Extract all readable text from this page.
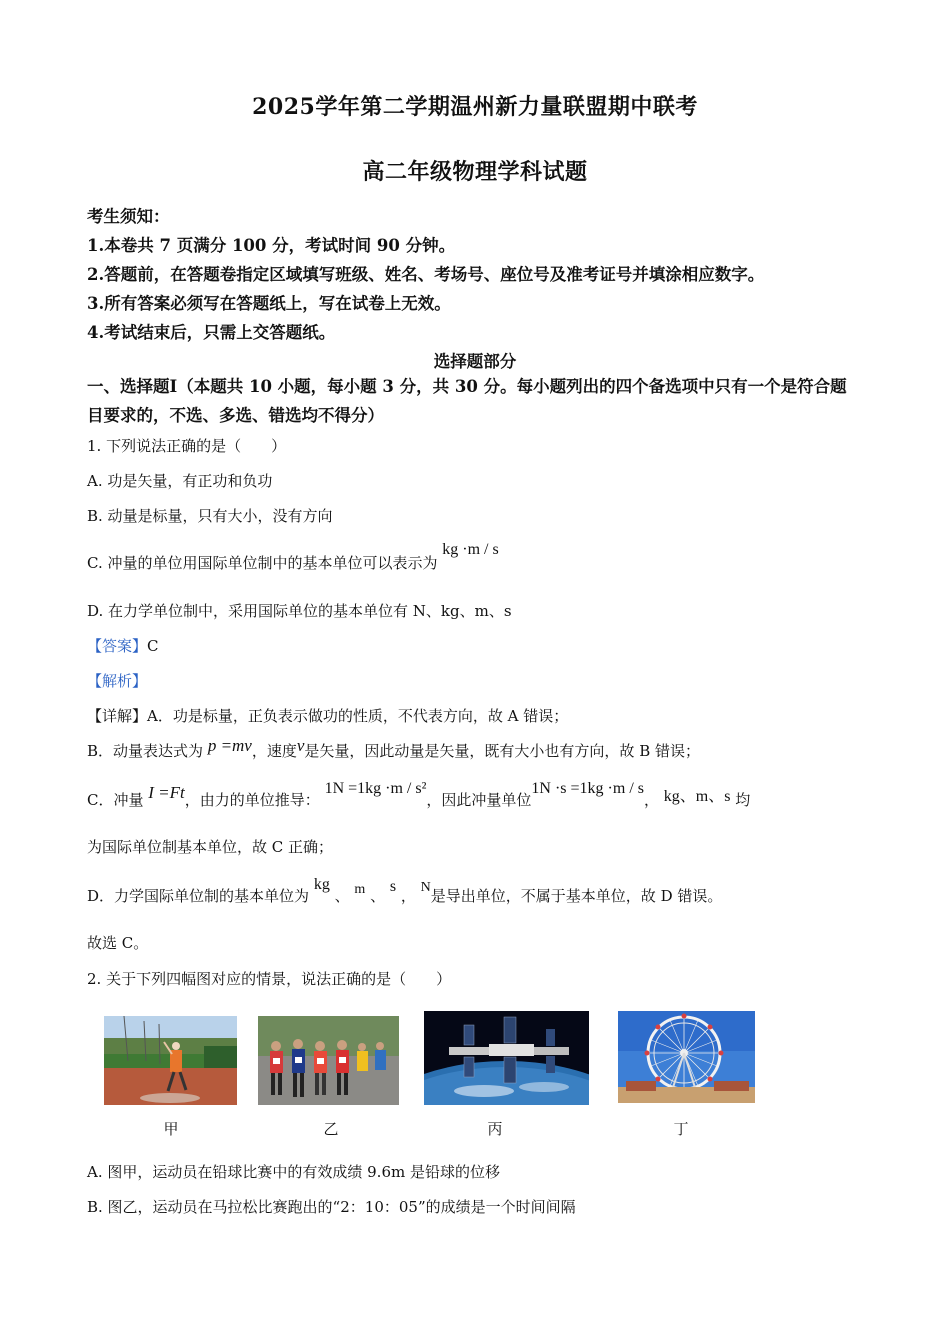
2025学年第二学期温州新力量联盟期中联考
高二年级物理学科试题
考生须知：
1.本卷共 7 页满分 100 分，考试时间 90 分钟。
2.答题前，在答题卷指定区域填写班级、姓名、考场号、座位号及准考证号并填涂相应数字。
3.所有答案必须写在答题纸上，写在试卷上无效。
4.考试结束后，只需上交答题纸。
选择题部分
一、选择题Ⅰ（本题共 10 小题，每小题 3 分，共 30 分。每小题列出的四个备选项中只有一个是符合题目要求的，不选、多选、错选均不得分）
1. 下列说法正确的是（　　）
A. 功是矢量，有正功和负功
B. 动量是标量，只有大小，没有方向
C. 冲量的单位用国际单位制中的基本单位可以表示为 kg ·m / s
D. 在力学单位制中，采用国际单位的基本单位有 N、kg、m、s
【答案】C
【解析】
【详解】A．功是标量，正负表示做功的性质，不代表方向，故 A 错误；
B．动量表达式为 p =mv，速度v是矢量，因此动量是矢量，既有大小也有方向，故 B 错误；
C．冲量 I =Ft，由力的单位推导： 1N =1kg ·m / s²，因此冲量单位1N ·s =1kg ·m / s， kg、m、s 均
为国际单位制基本单位，故 C 正确；
D．力学国际单位制的基本单位为 kg 、 m 、 s ， N是导出单位，不属于基本单位，故 D 错误。
故选 C。
2. 关于下列四幅图对应的情景，说法正确的是（　　）
甲	乙	丙	丁
A. 图甲，运动员在铅球比赛中的有效成绩 9.6m 是铅球的位移
B. 图乙，运动员在马拉松比赛跑出的“2：10：05”的成绩是一个时间间隔
